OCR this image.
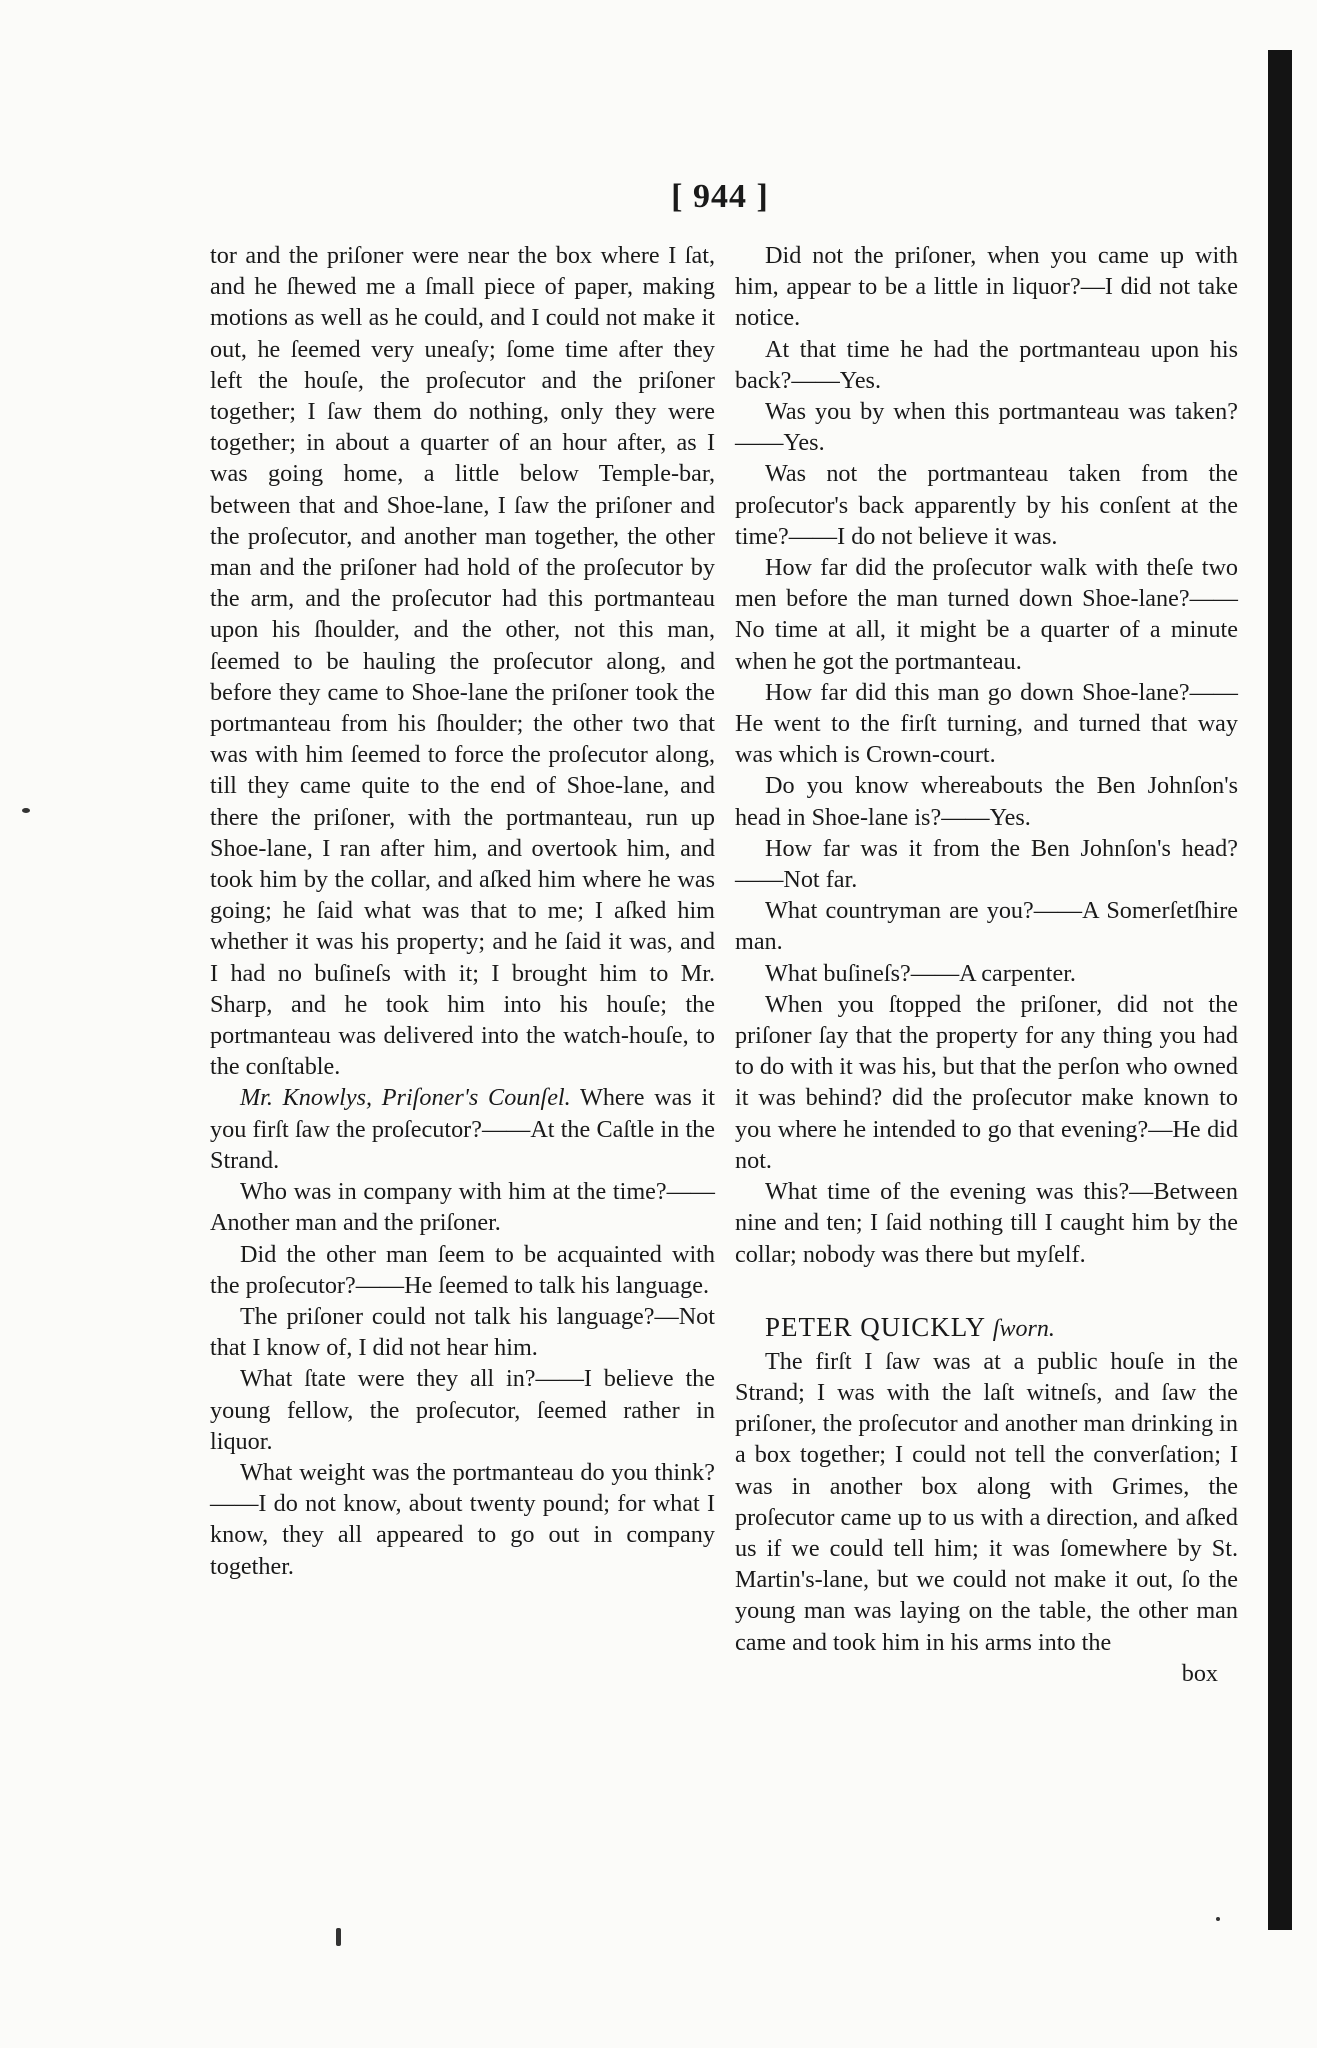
[ 944 ]

tor and the priſoner were near the box where I ſat, and he ſhewed me a ſmall piece of paper, making motions as well as he could, and I could not make it out, he ſeemed very uneaſy; ſome time after they left the houſe, the proſecutor and the priſoner together; I ſaw them do nothing, only they were together; in about a quarter of an hour after, as I was going home, a little below Temple-bar, between that and Shoe-lane, I ſaw the priſoner and the proſecutor, and another man together, the other man and the priſoner had hold of the proſecutor by the arm, and the proſecutor had this portmanteau upon his ſhoulder, and the other, not this man, ſeemed to be hauling the proſecutor along, and before they came to Shoe-lane the priſoner took the portmanteau from his ſhoulder; the other two that was with him ſeemed to force the proſecutor along, till they came quite to the end of Shoe-lane, and there the priſoner, with the portmanteau, run up Shoe-lane, I ran after him, and overtook him, and took him by the collar, and aſked him where he was going; he ſaid what was that to me; I aſked him whether it was his property; and he ſaid it was, and I had no buſineſs with it; I brought him to Mr. Sharp, and he took him into his houſe; the portmanteau was delivered into the watch-houſe, to the conſtable.

Mr. Knowlys, Priſoner's Counſel. Where was it you firſt ſaw the proſecutor?——At the Caſtle in the Strand.

Who was in company with him at the time?——Another man and the priſoner.

Did the other man ſeem to be acquainted with the proſecutor?——He ſeemed to talk his language.

The priſoner could not talk his language?—Not that I know of, I did not hear him.

What ſtate were they all in?——I believe the young fellow, the proſecutor, ſeemed rather in liquor.

What weight was the portmanteau do you think?——I do not know, about twenty pound; for what I know, they all appeared to go out in company together.

Did not the priſoner, when you came up with him, appear to be a little in liquor?—I did not take notice.

At that time he had the portmanteau upon his back?——Yes.

Was you by when this portmanteau was taken?——Yes.

Was not the portmanteau taken from the proſecutor's back apparently by his conſent at the time?——I do not believe it was.

How far did the proſecutor walk with theſe two men before the man turned down Shoe-lane?——No time at all, it might be a quarter of a minute when he got the portmanteau.

How far did this man go down Shoe-lane?——He went to the firſt turning, and turned that way was which is Crown-court.

Do you know whereabouts the Ben Johnſon's head in Shoe-lane is?——Yes.

How far was it from the Ben Johnſon's head?——Not far.

What countryman are you?——A Somerſetſhire man.

What buſineſs?——A carpenter.

When you ſtopped the priſoner, did not the priſoner ſay that the property for any thing you had to do with it was his, but that the perſon who owned it was behind? did the proſecutor make known to you where he intended to go that evening?—He did not.

What time of the evening was this?—Between nine and ten; I ſaid nothing till I caught him by the collar; nobody was there but myſelf.

PETER QUICKLY ſworn.

The firſt I ſaw was at a public houſe in the Strand; I was with the laſt witneſs, and ſaw the priſoner, the proſecutor and another man drinking in a box together; I could not tell the converſation; I was in another box along with Grimes, the proſecutor came up to us with a direction, and aſked us if we could tell him; it was ſomewhere by St. Martin's-lane, but we could not make it out, ſo the young man was laying on the table, the other man came and took him in his arms into the

box
